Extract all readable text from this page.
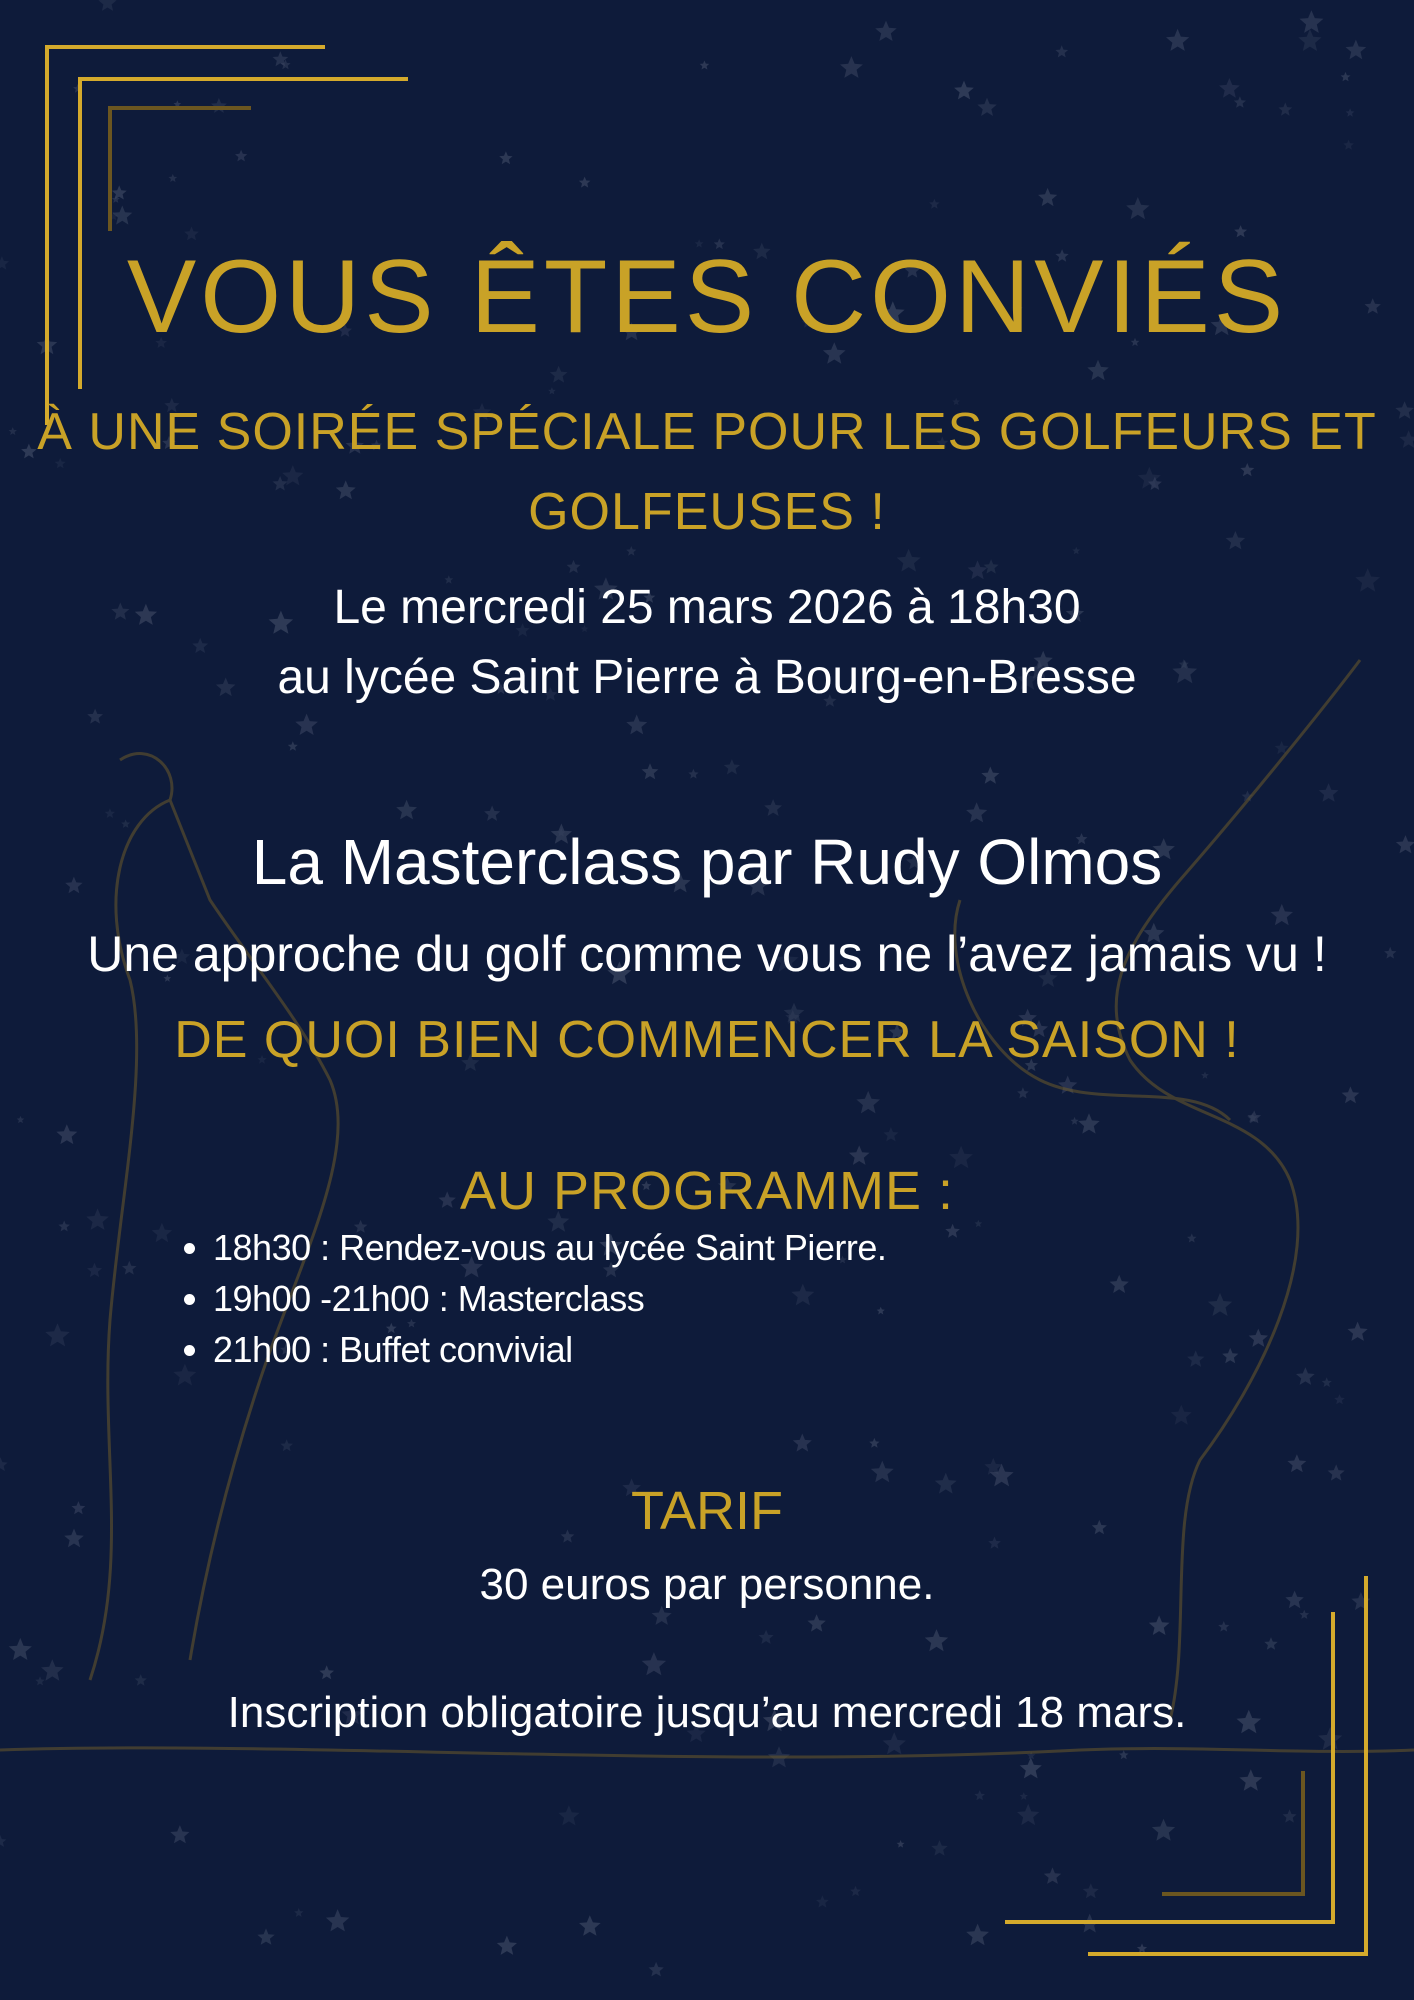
VOUS ÊTES CONVIÉS
À UNE SOIRÉE SPÉCIALE POUR LES GOLFEURS ET
GOLFEUSES !
Le mercredi 25 mars 2026 à 18h30
au lycée Saint Pierre à Bourg-en-Bresse
La Masterclass par Rudy Olmos
Une approche du golf comme vous ne l’avez jamais vu !
DE QUOI BIEN COMMENCER LA SAISON !
AU PROGRAMME :
• 18h30 : Rendez-vous au lycée Saint Pierre.
• 19h00 -21h00 : Masterclass
• 21h00 : Buffet convivial
TARIF
30 euros par personne.
Inscription obligatoire jusqu’au mercredi 18 mars.
